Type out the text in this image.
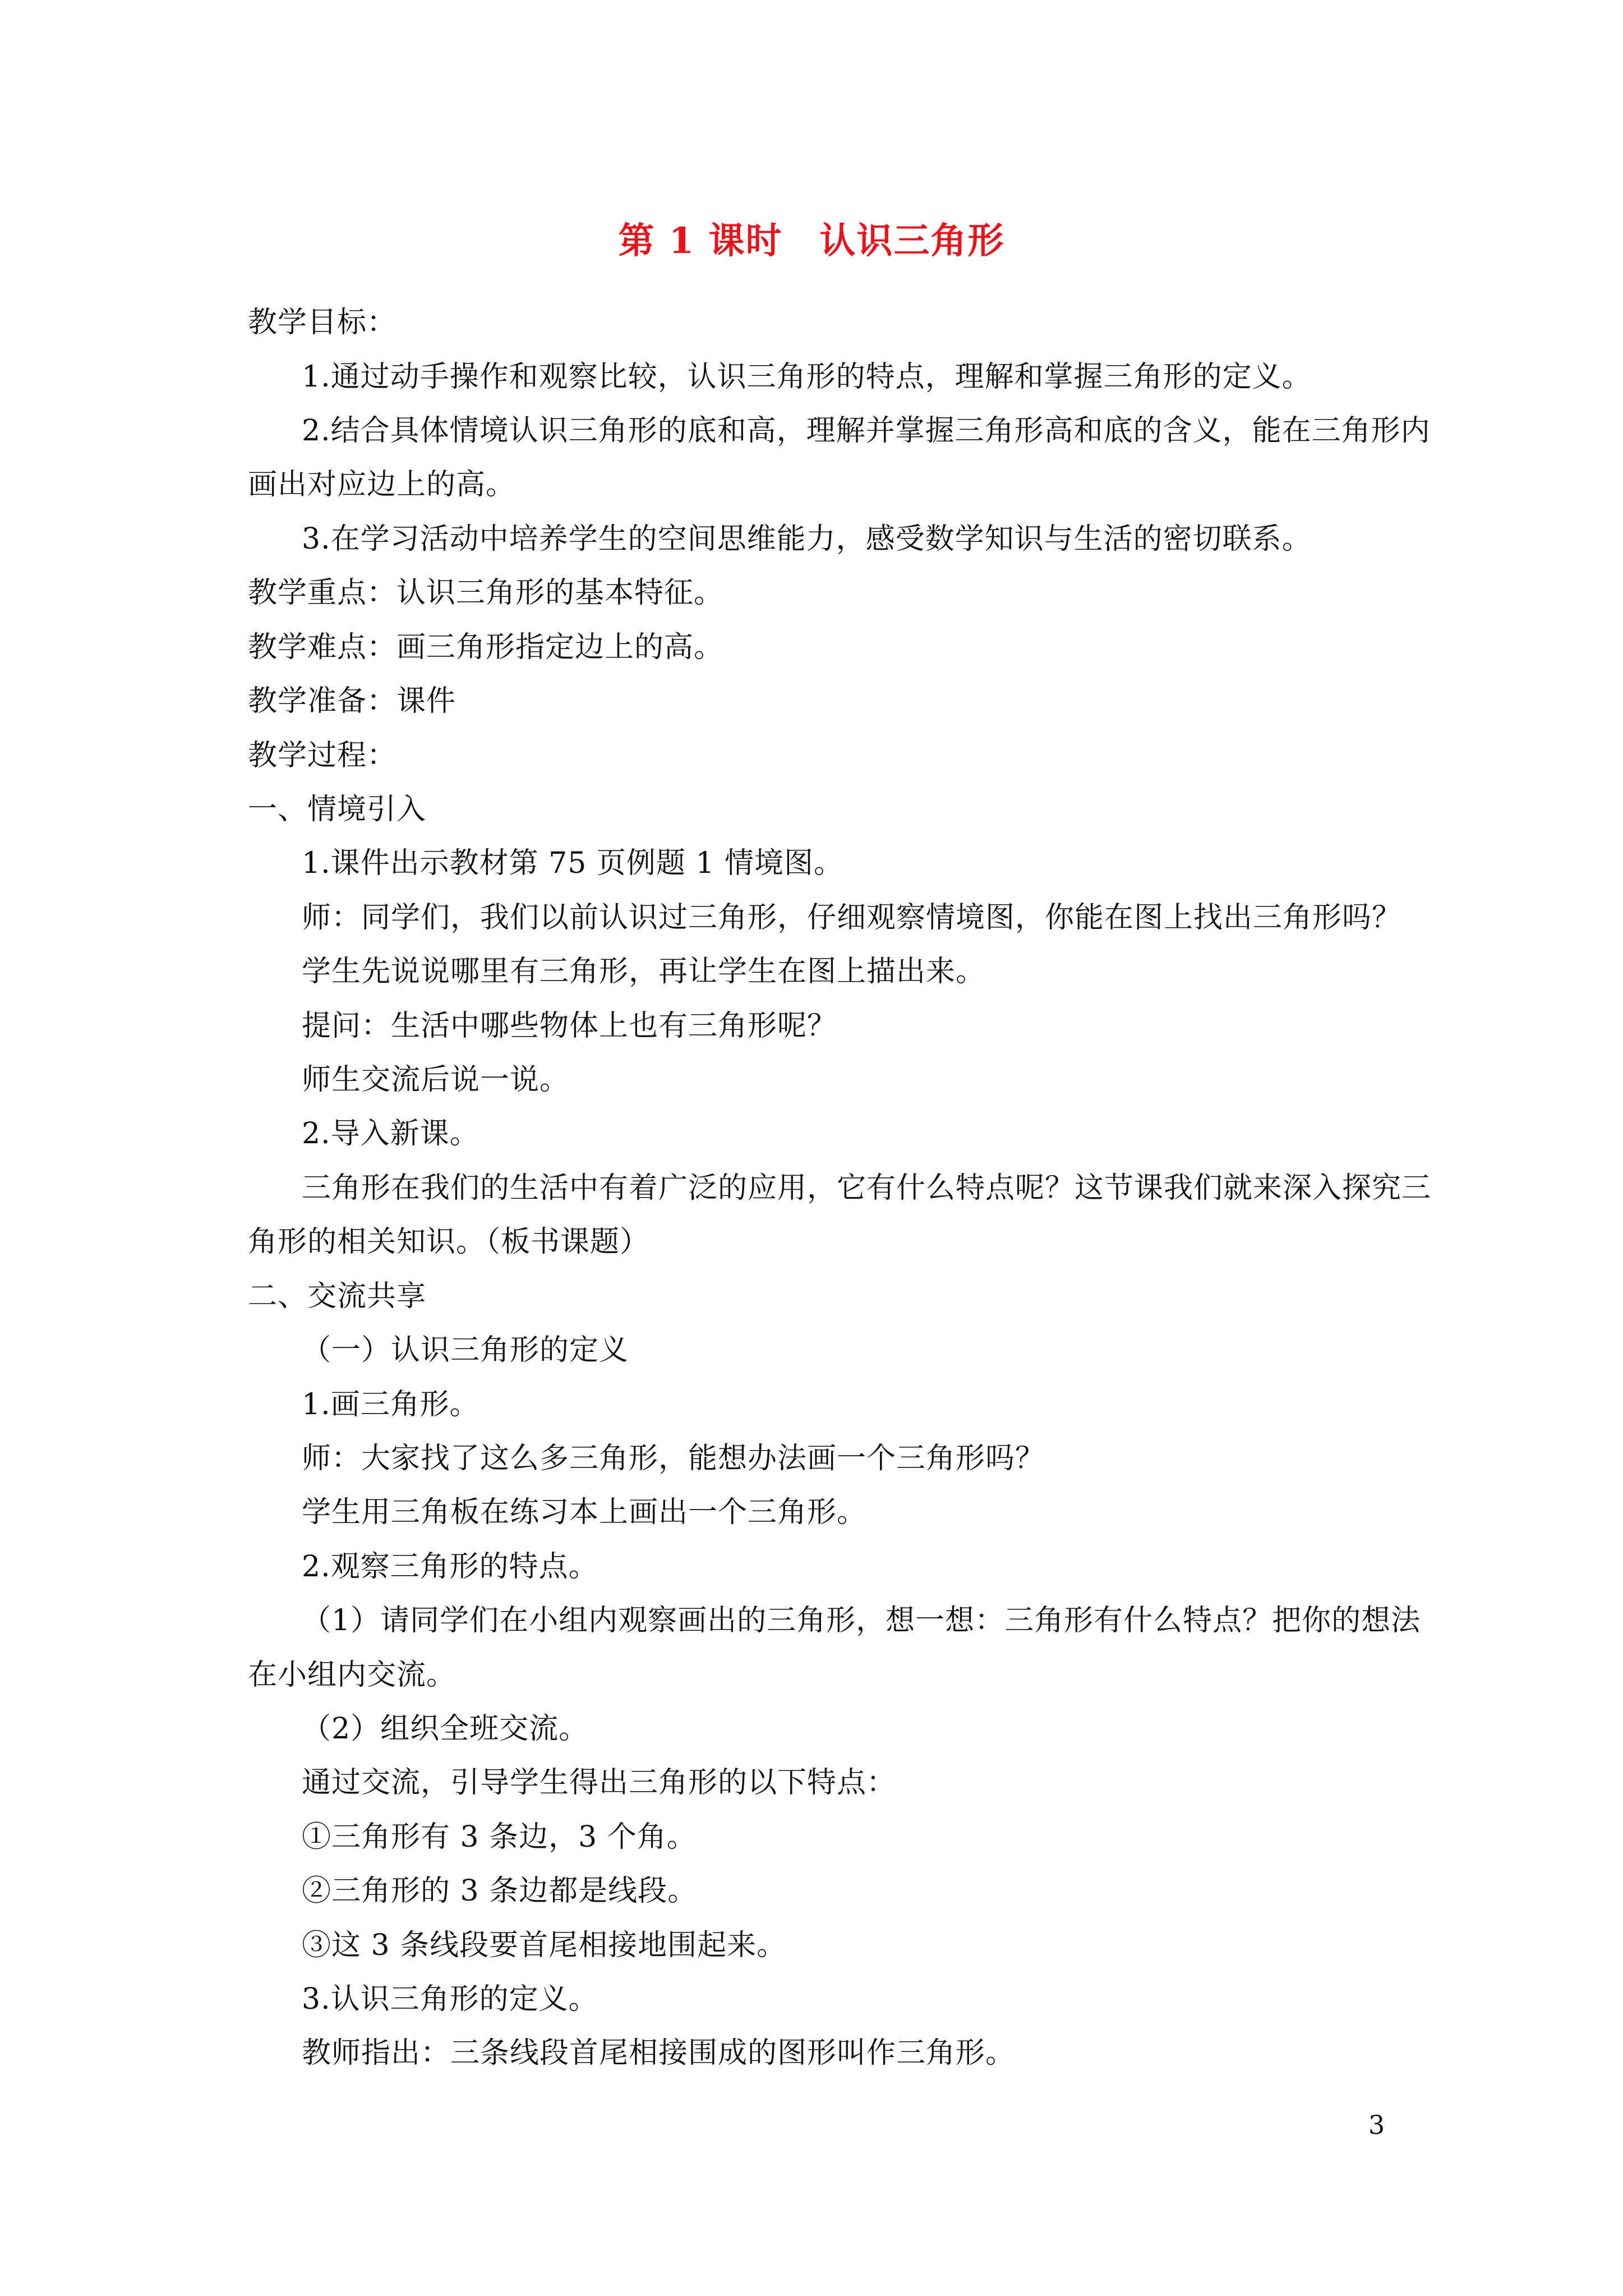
第 1 课时　认识三角形
教学目标：
1.通过动手操作和观察比较，认识三角形的特点，理解和掌握三角形的定义。
2.结合具体情境认识三角形的底和高，理解并掌握三角形高和底的含义，能在三角形内
画出对应边上的高。
3.在学习活动中培养学生的空间思维能力，感受数学知识与生活的密切联系。
教学重点：认识三角形的基本特征。
教学难点：画三角形指定边上的高。
教学准备：课件
教学过程：
一、情境引入
1.课件出示教材第 75 页例题 1 情境图。
师：同学们，我们以前认识过三角形，仔细观察情境图，你能在图上找出三角形吗？
学生先说说哪里有三角形，再让学生在图上描出来。
提问：生活中哪些物体上也有三角形呢？
师生交流后说一说。
2.导入新课。
三角形在我们的生活中有着广泛的应用，它有什么特点呢？这节课我们就来深入探究三
角形的相关知识。（板书课题）
二、交流共享
（一）认识三角形的定义
1.画三角形。
师：大家找了这么多三角形，能想办法画一个三角形吗？
学生用三角板在练习本上画出一个三角形。
2.观察三角形的特点。
（1）请同学们在小组内观察画出的三角形，想一想：三角形有什么特点？把你的想法
在小组内交流。
（2）组织全班交流。
通过交流，引导学生得出三角形的以下特点：
①三角形有 3 条边，3 个角。
②三角形的 3 条边都是线段。
③这 3 条线段要首尾相接地围起来。
3.认识三角形的定义。
教师指出：三条线段首尾相接围成的图形叫作三角形。
3
